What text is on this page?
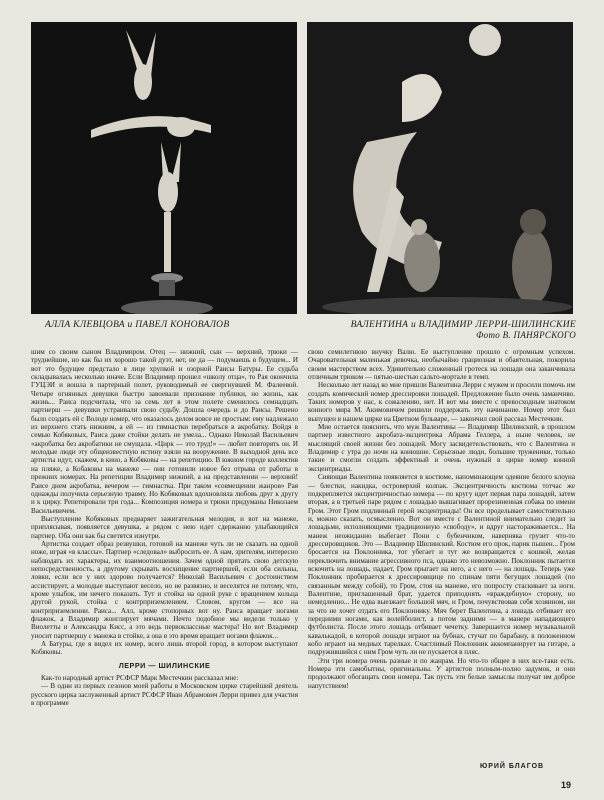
АЛЛА КЛЕВЦОВА и ПАВЕЛ КОНОВАЛОВ	ВАЛЕНТИНА и ВЛАДИМИР ЛЕРРИ-ШИЛИНСКИЕ
Фото В. ПАНЯРСКОГО

шим со своим сыном Владимиром. Отец — нижний, сын — верхний, трюки — труднейшие, но как бы их хорошо такой дуэт, нет, не да — подумаешь в будущем... И вот это будущее предстало в лице хрупкой и озорной Раисы Батуры. Ее судьба складывалась несколько иначе. Если Владимир прошел «школу отца», то Рая окончила ГУЦЭИ и вошла в партерный полет, руководимый ее свергнувшей М. Фалеевой. Четыре огнянных девушки быстро завоевали признание публики, но жизнь, как жизнь... Раиса подсчитала, что за семь лет в этом полете сменилось семнадцать партнерш — девушки устраивали свою судьбу. Дошла очередь и до Раисы. Решено было создать ей с Володе номер, что оказалось делом вовсе не простым: ему надлежало из верхнего стать нижним, а ей — из гимнастки перебраться в акробатку. Войдя в семью Кобяковых, Раиса даже стойки делать не умела... Однако Николай Васильевич «акробатка без акробатики не смущала. «Цирк — это труд!» — любит повторять он. И молодые люди эту общеизвестную истину взяли на вооружение. В выходной день все артисты идут, скажем, в кино, а Кобяковы — на репетицию. В южном городе коллектив на пляже, а Кобаковы на манеже — они готовили новое без отрыва от работы в прежних номерах. На репетиции Владимир нижний, а на представлении — верхний! Раисе днем акробатка, вечером — гимнастка. При таком «совмещении жанров» Рая однажды получила серьезную травму. Но Кобяковых вдохновляла любовь друг к другу и к цирку. Репетировали три года... Композиция номера и трюки придуманы Николаем Васильевичем.

Выступление Кобяковых предваряет зажигательная мелодия, и вот на манеже, приплясывая, появляется девушка, а рядом с нею идет сдержанно улыбающийся партнер. Оба они как бы светятся изнутри.

Артистка создает образ резвушки, готовой на манеже чуть ли не сказать на одной ноже, играя «в классы». Партнер «следовал» выбросить ее. А нам, зрителям, интересно наблюдать их характеры, их взаимоотношения. Зачем одной прятать свою детскую непосредственность, а другому скрывать восхищение партнершей, если оба сильны, ловки, если все у них здорово получается? Николай Васильевич с достоинством ассистирует, а молодые выступают весело, но не развязно, и веселятся не потому, что, кроме улыбок, им нечего показать. Тут и стойка на одной руке с вращением кольца другой рукой, стойка с контрприземлением. Словом, кругом — все на контрприземлении. Раиса... Алл, кроме стопорных вот ну. Раиса вращает ногами флажок, а Владимир жонглирует мячами. Нечто подобное мы видели только у Виолетты и Александра Кисс, а это ведь первоклассные мастера! Но вот Владимир уносит партнершу с манежа в стойке, а она в это время вращает ногами флажок...

А Батуры, где я видел их номер, всего лишь второй город, в котором выступают Кобяковы.

ЛЕРРИ — ШИЛИНСКИЕ

Как-то народный артист РСФСР Марк Местечкин рассказал мне:

— В одни из первых сезонов моей работы в Московском цирке старейший деятель русского цирка заслуженный артист РСФСР Иван Абрамович Лерри привез для участия в программе

свою семилетнюю внучку Валю. Ее выступление прошло с огромным успехом. Очаровательная маленькая девочка, необычайно грациозная и обаятельная, покорила своим мастерством всех. Удивительно сложенный гротеск на лошади она заканчивала отличным трюком — пятью-шестью сальто-мортале в темп.

Несколько лет назад ко мне пришли Валентина Лерри с мужем и просили помочь им создать комический номер дрессировки лошадей. Предложение было очень заманчиво. Таких номеров у нас, к сожалению, нет. И вот мы вместе с превосходным знатоком конного мира М. Акимовичем решили поддержать эту начинание. Номер этот был выпущен в нашем цирке на Цветном бульваре, — закончил свой рассказ Местечкин.

Мне остается пояснить, что муж Валентины — Владимир Шилинский, в прошлом партнер известного акробата-эксцентрика Абрама Геллера, а ныне человек, не мыслящий своей жизни без лошадей. Могу засвидетельствовать, что с Валентина и Владимир с утра до ночи на конюшне. Серьезные люди, большие труженики, только такие и смогли создать эффектный и очень нужный в цирке номер конной эксцентриады.

Сияющая Валентина появляется в костюме, напоминающем одеяние белого клоуна — блестки, накидка, островерхий колпак. Эксцентричность костюма тотчас же подкрепляется эксцентричностью номера — по кругу идет первая пара лошадей, затем вторая, а в третьей паре рядом с лошадью вышагивает прорезиненная собака по имени Гром. Этот Гром подлинный герой эксцентриады! Он все проделывает самостоятельно и, можно сказать, осмысленно. Вот он вместе с Валентиной внимательно следит за лошадьми, исполняющими традиционную «свободу», и вдруг настораживается... На манеж неожиданно выбегает Пони с бубенчиком, наверняка грузит что-то дрессировщиков. Это — Владимир Шилинский. Костюм его прок, парик пышен... Гром бросается на Поклонника, тот убегает и тут же возвращается с кошкой, желая переключить внимание агрессивного пса, однако это невозможно. Поклонник пытается вскочить на лошадь, падает, Гром прыгает на него, а с него — на лошадь. Теперь уже Поклонник пробирается к дрессировщице по спинам пяти бегущих лошадей (по связанным между собой), то Гром, стоя на манеже, его попросту стаскивает за ноги. Валентине, приглашенный брат, удается приподнять «враждебную» сторону, но немедленно... Не едва выезжает большой мяч, и Гром, почувствовав себя хозяином, ни за что не хочет отдать его Поклоннику. Мяч берет Валентина, а лошадь отбивает его передними ногами, как волейболист, а потом задними — в манере нападающего футболиста. После этого лошадь отбивает чечетку. Завершается номер музыкальной кавалькадой, в которой лошади играют на бубнах, стучат по барабану, в положенном кобо играют на медных тарелках. Счастливый Поклонник аккомпанирует на гитаре, а подружившийся с ним Гром чуть ли не пускается в пляс.

Эти три номера очень разные и по жанрам. Но что-то общее в них все-таки есть. Номера эти самобытны, оригинальны. У артистов полным-полно задумок, и они продолжают обогащать свои номера. Так пусть эти белые замыслы получат им доброе напутствием!

ЮРИЙ БЛАГОВ
19
